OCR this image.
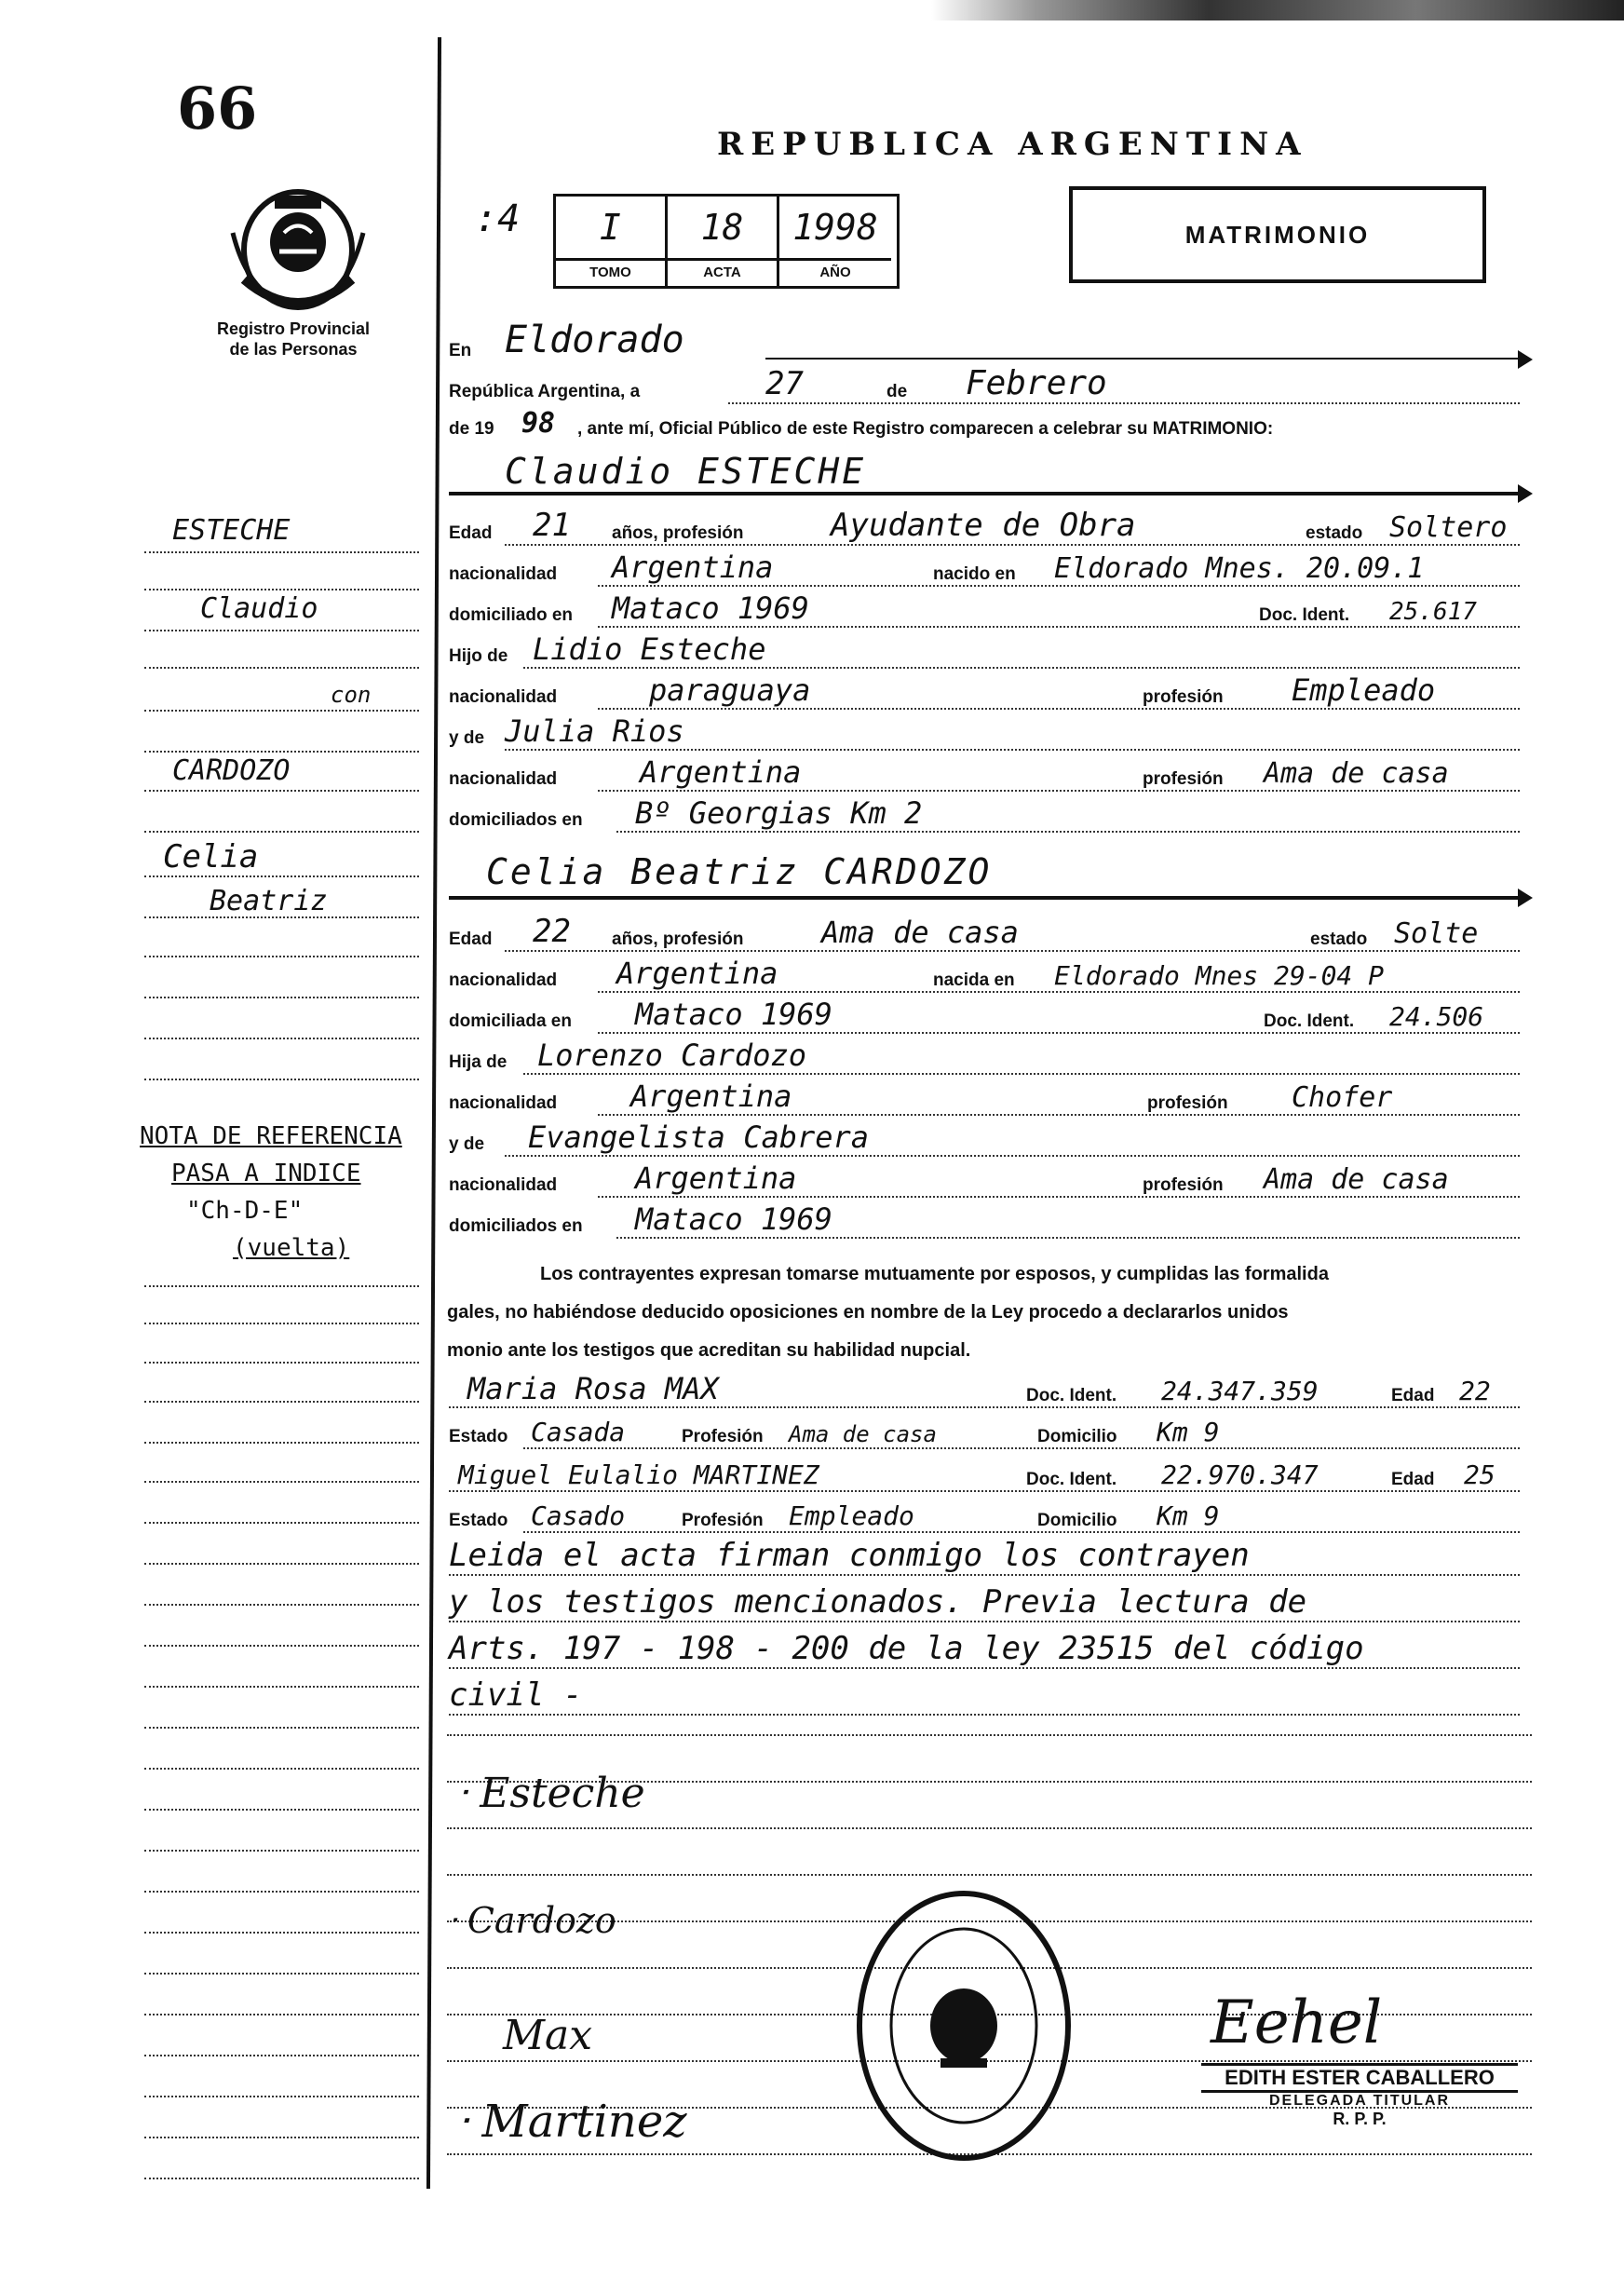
66
Registro Provincial
de las Personas
REPUBLICA ARGENTINA
MATRIMONIO
:4	I
TOMO
18
ACTA
1998
AÑO
En Eldorado
República Argentina, a	27	de Febrero
de 19 98 , ante mí, Oficial Público de este Registro comparecen a celebrar su MATRIMONIO:
Claudio ESTECHE
Edad 21 años, profesión	Ayudante de Obra	estado Soltero
nacionalidad Argentina	nacido en Eldorado Mnes. 20.09.1
domiciliado en Mataco 1969	Doc. Ident. 25.617
Hijo de Lidio Esteche
nacionalidad	paraguaya	profesión Empleado
y de Julia Rios
nacionalidad	Argentina	profesión Ama de casa
domiciliados en Bº Georgias Km 2
Celia Beatriz CARDOZO
Edad 22 años, profesión	Ama de casa	estado Solte
nacionalidad Argentina	nacida en Eldorado Mnes 29-04 P
domiciliada en Mataco 1969	Doc. Ident. 24.506
Hija de Lorenzo Cardozo
nacionalidad Argentina	profesión Chofer
y de Evangelista Cabrera
nacionalidad	Argentina	profesión Ama de casa
domiciliados en Mataco 1969
Los contrayentes expresan tomarse mutuamente por esposos, y cumplidas las formalida
gales, no habiéndose deducido oposiciones en nombre de la Ley procedo a declararlos unidos
monio ante los testigos que acreditan su habilidad nupcial.
Maria Rosa MAX	Doc. Ident. 24.347.359	Edad 22
Estado Casada	Profesión Ama de casa	Domicilio Km 9
Miguel Eulalio MARTINEZ	Doc. Ident. 22.970.347	Edad 25
Estado Casado	Profesión Empleado	Domicilio Km 9
Leida el acta firman conmigo los contrayen
y los testigos mencionados. Previa lectura de
Arts. 197 - 198 - 200 de la ley 23515 del código
civil -
ᐧ Esteche
ᐧ Cardozo
Max
ᐧ Martinez
Eehel
EDITH ESTER CABALLERO
DELEGADA TITULAR
R. P. P.
ESTECHE
Claudio
con
CARDOZO
Celia
Beatriz
NOTA DE REFERENCIA
PASA A INDICE
"Ch-D-E"
(vuelta)
